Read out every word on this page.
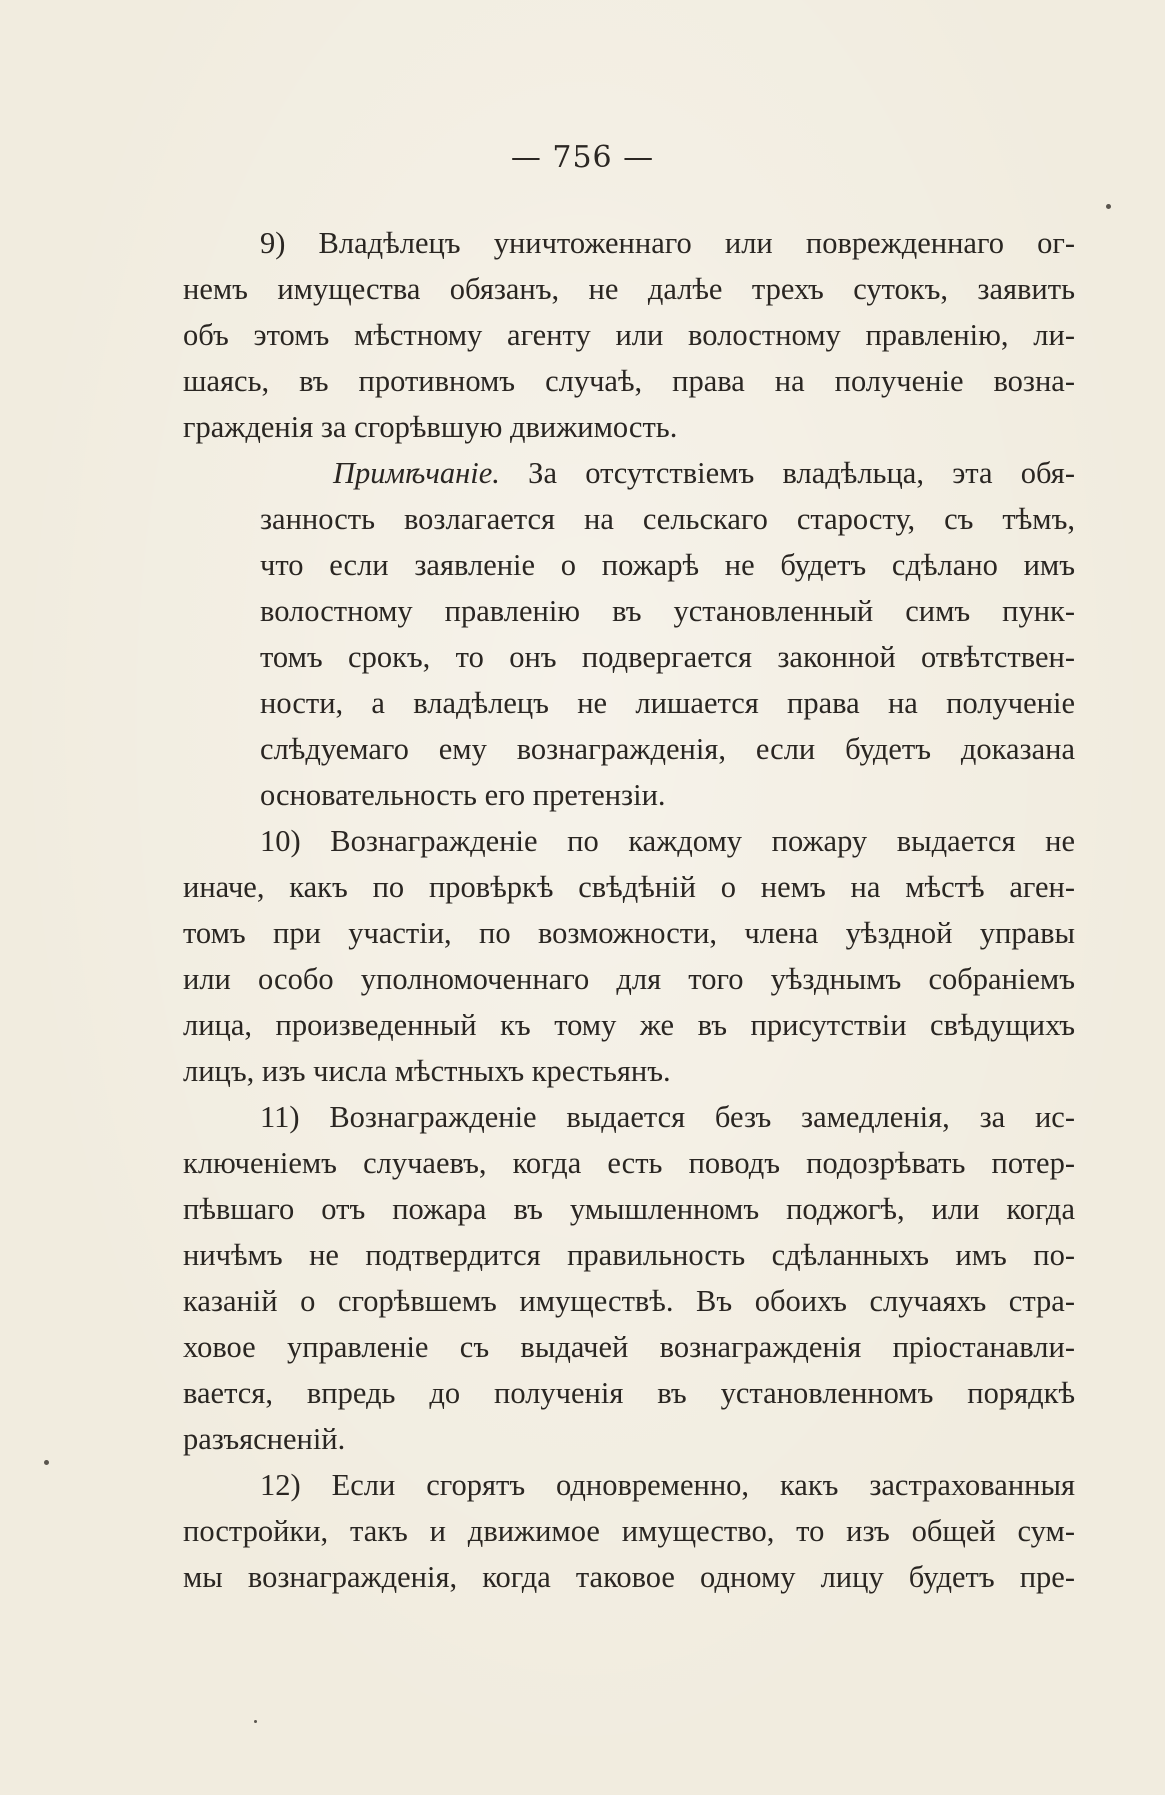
— 756 —
9) Владѣлецъ уничтоженнаго или поврежденнаго ог-
немъ имущества обязанъ, не далѣе трехъ сутокъ, заявить
объ этомъ мѣстному агенту или волостному правленію, ли-
шаясь, въ противномъ случаѣ, права на полученіе возна-
гражденія за сгорѣвшую движимость.
Примѣчаніе. За отсутствіемъ владѣльца, эта обя-
занность возлагается на сельскаго старосту, съ тѣмъ,
что если заявленіе о пожарѣ не будетъ сдѣлано имъ
волостному правленію въ установленный симъ пунк-
томъ срокъ, то онъ подвергается законной отвѣтствен-
ности, а владѣлецъ не лишается права на полученіе
слѣдуемаго ему вознагражденія, если будетъ доказана
основательность его претензіи.
10) Вознагражденіе по каждому пожару выдается не
иначе, какъ по провѣркѣ свѣдѣній о немъ на мѣстѣ аген-
томъ при участіи, по возможности, члена уѣздной управы
или особо уполномоченнаго для того уѣзднымъ собраніемъ
лица, произведенный къ тому же въ присутствіи свѣдущихъ
лицъ, изъ числа мѣстныхъ крестьянъ.
11) Вознагражденіе выдается безъ замедленія, за ис-
ключеніемъ случаевъ, когда есть поводъ подозрѣвать потер-
пѣвшаго отъ пожара въ умышленномъ поджогѣ, или когда
ничѣмъ не подтвердится правильность сдѣланныхъ имъ по-
казаній о сгорѣвшемъ имуществѣ. Въ обоихъ случаяхъ стра-
ховое управленіе съ выдачей вознагражденія пріостанавли-
вается, впредь до полученія въ установленномъ порядкѣ
разъясненій.
12) Если сгорятъ одновременно, какъ застрахованныя
постройки, такъ и движимое имущество, то изъ общей сум-
мы вознагражденія, когда таковое одному лицу будетъ пре-
